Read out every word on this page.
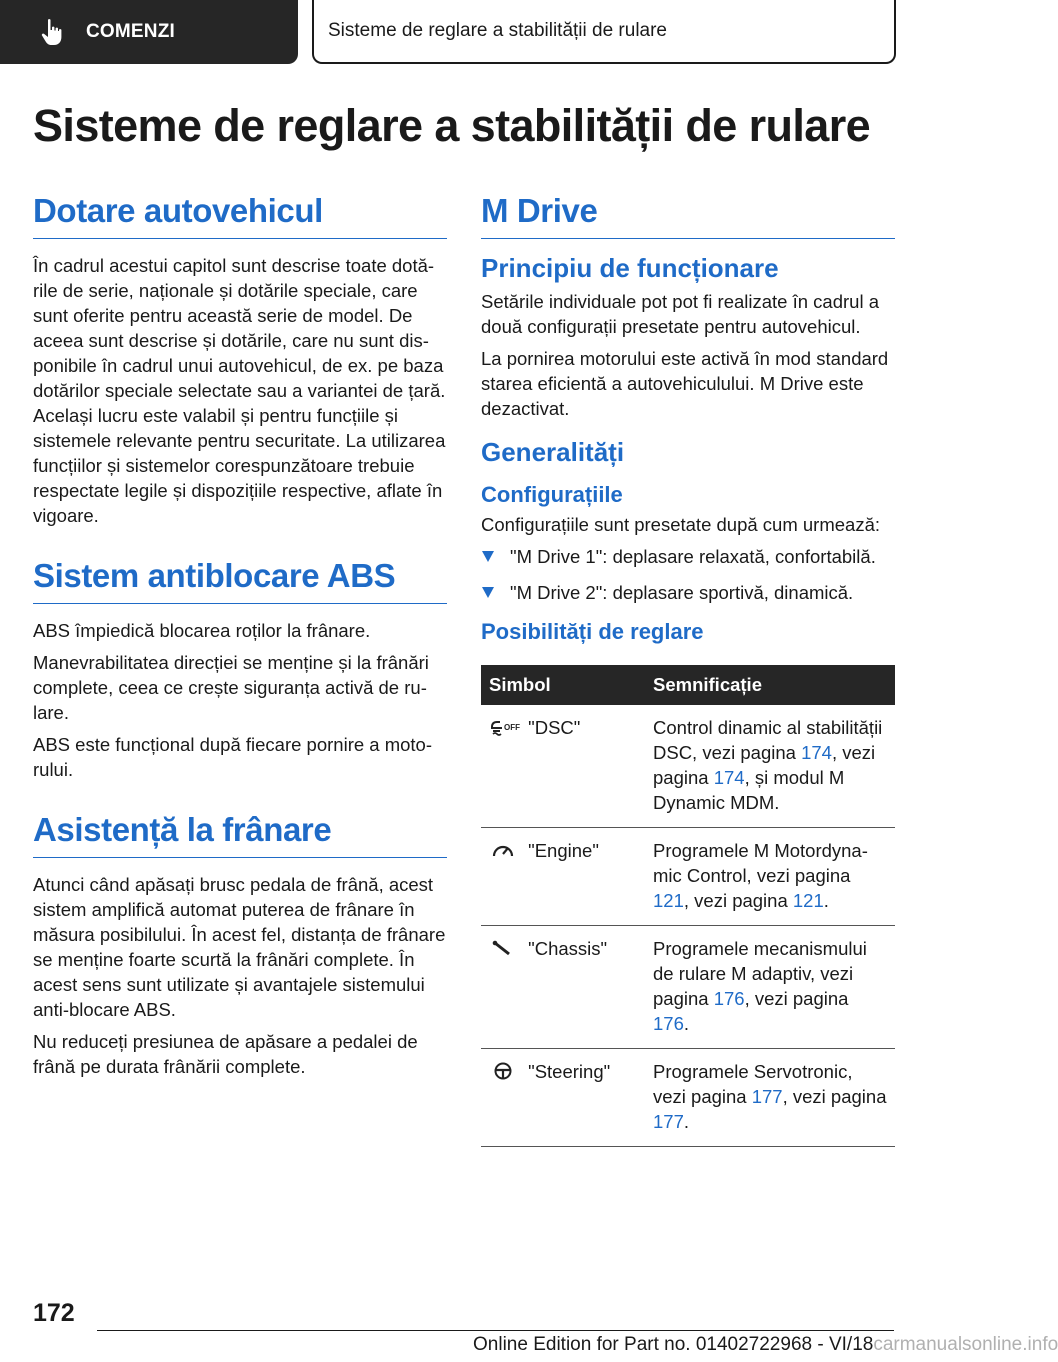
COMENZI	Sisteme de reglare a stabilității de rulare
Sisteme de reglare a stabilității de rulare
Dotare autovehicul
În cadrul acestui capitol sunt descrise toate dotările de serie, naționale și dotările speciale, care sunt oferite pentru această serie de model. De aceea sunt descrise și dotările, care nu sunt disponibile în cadrul unui autovehicul, de ex. pe baza dotărilor speciale selectate sau a variantei de țară. Același lucru este valabil și pentru funcțiile și sistemele relevante pentru securitate. La utilizarea funcțiilor și sistemelor corespunzătoare trebuie respectate legile și dispozițiile respective, aflate în vigoare.
Sistem antiblocare ABS
ABS împiedică blocarea roților la frânare.
Manevrabilitatea direcției se menține și la frânări complete, ceea ce crește siguranța activă de rulare.
ABS este funcțional după fiecare pornire a motorului.
Asistență la frânare
Atunci când apăsați brusc pedala de frână, acest sistem amplifică automat puterea de frânare în măsura posibilului. În acest fel, distanța de frânare se menține foarte scurtă la frânări complete. În acest sens sunt utilizate și avantajele sistemului anti-blocare ABS.
Nu reduceți presiunea de apăsare a pedalei de frână pe durata frânării complete.
M Drive
Principiu de funcționare
Setările individuale pot pot fi realizate în cadrul a două configurații presetate pentru autovehicul.
La pornirea motorului este activă în mod standard starea eficientă a autovehiculului. M Drive este dezactivat.
Generalități
Configurațiile
Configurațiile sunt presetate după cum urmează:
"M Drive 1": deplasare relaxată, confortabilă.
"M Drive 2": deplasare sportivă, dinamică.
Posibilități de reglare
Simbol	Semnificație

OFF "DSC"	Control dinamic al stabilității DSC, vezi pagina 174, vezi pagina 174, și modul M Dynamic MDM.
"Engine"	Programele M Motordynamic Control, vezi pagina 121, vezi pagina 121.
"Chassis"	Programele mecanismului de rulare M adaptiv, vezi pagina 176, vezi pagina 176.
"Steering"	Programele Servotronic, vezi pagina 177, vezi pagina 177.
172
Online Edition for Part no. 01402722968 - VI/18carmanualsonline.info
